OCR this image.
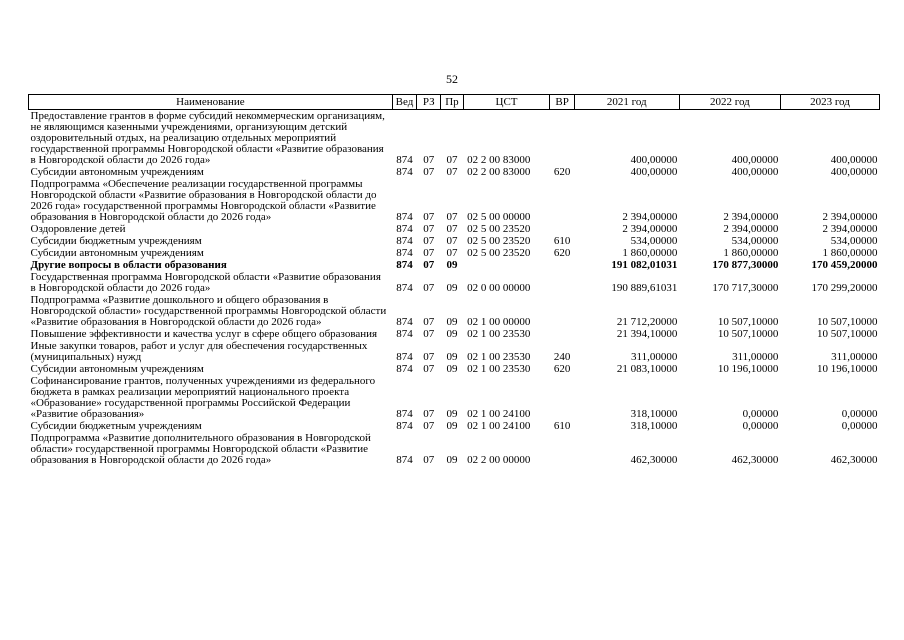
52
Наименование	Вед	РЗ	Пр	ЦСТ	ВР	2021 год	2022 год	2023 год
Предоставление грантов в форме субсидий некоммерческим организациям, не являющимся казенными учреждениями, организующим детский оздоровительный отдых, на реализацию отдельных мероприятий государственной программы Новгородской области «Развитие образования в Новгородской области до 2026 года»	874	07	07	02 2 00 83000		400,00000	400,00000	400,00000
Субсидии автономным учреждениям	874	07	07	02 2 00 83000	620	400,00000	400,00000	400,00000
Подпрограмма «Обеспечение реализации государственной программы Новгородской области «Развитие образования в Новгородской области до 2026 года» государственной программы Новгородской области «Развитие образования в Новгородской области до 2026 года»	874	07	07	02 5 00 00000		2 394,00000	2 394,00000	2 394,00000
Оздоровление детей	874	07	07	02 5 00 23520		2 394,00000	2 394,00000	2 394,00000
Субсидии бюджетным учреждениям	874	07	07	02 5 00 23520	610	534,00000	534,00000	534,00000
Субсидии автономным учреждениям	874	07	07	02 5 00 23520	620	1 860,00000	1 860,00000	1 860,00000
Другие вопросы в области образования	874	07	09			191 082,01031	170 877,30000	170 459,20000
Государственная программа Новгородской области «Развитие образования в Новгородской области до 2026 года»	874	07	09	02 0 00 00000		190 889,61031	170 717,30000	170 299,20000
Подпрограмма «Развитие дошкольного и общего образования в Новгородской области» государственной программы Новгородской области «Развитие образования в Новгородской области до 2026 года»	874	07	09	02 1 00 00000		21 712,20000	10 507,10000	10 507,10000
Повышение эффективности и качества услуг в сфере общего образования	874	07	09	02 1 00 23530		21 394,10000	10 507,10000	10 507,10000
Иные закупки товаров, работ и услуг для обеспечения государственных (муниципальных) нужд	874	07	09	02 1 00 23530	240	311,00000	311,00000	311,00000
Субсидии автономным учреждениям	874	07	09	02 1 00 23530	620	21 083,10000	10 196,10000	10 196,10000
Софинансирование грантов, полученных учреждениями из федерального бюджета в рамках реализации мероприятий национального проекта «Образование» государственной программы Российской Федерации «Развитие образования»	874	07	09	02 1 00 24100		318,10000	0,00000	0,00000
Субсидии бюджетным учреждениям	874	07	09	02 1 00 24100	610	318,10000	0,00000	0,00000
Подпрограмма «Развитие дополнительного образования в Новгородской области» государственной программы Новгородской области «Развитие образования в Новгородской области до 2026 года»	874	07	09	02 2 00 00000		462,30000	462,30000	462,30000
